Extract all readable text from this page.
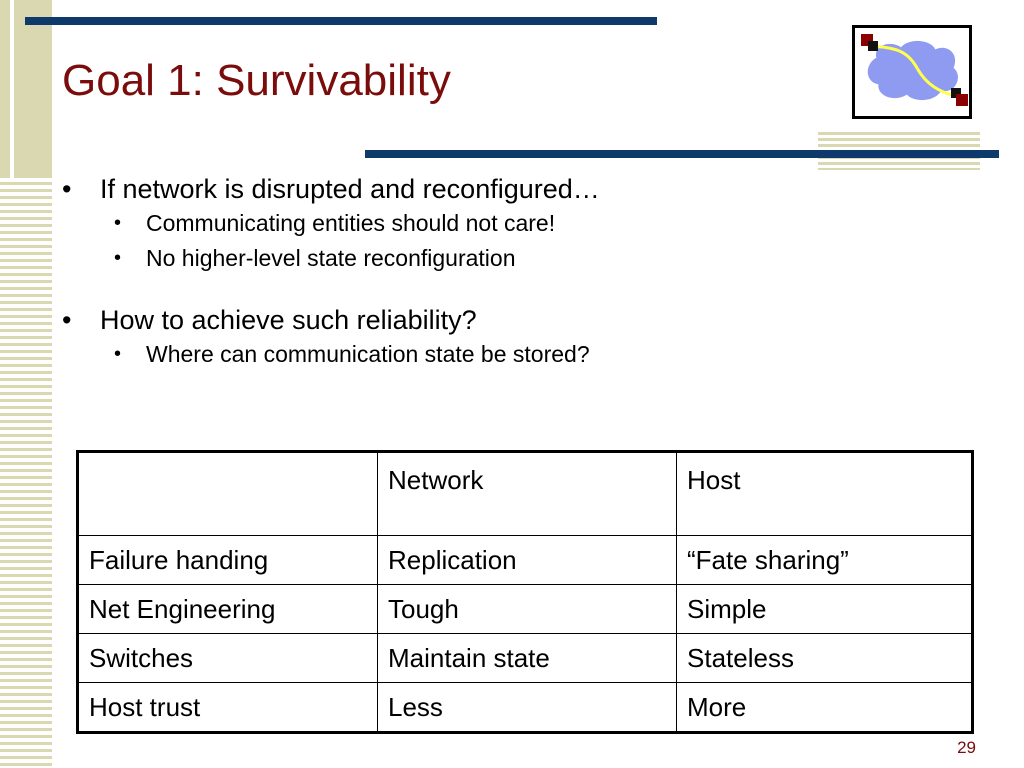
Goal 1: Survivability
• If network is disrupted and reconfigured…
• Communicating entities should not care!
• No higher-level state reconfiguration
• How to achieve such reliability?
• Where can communication state be stored?
	Network	Host
Failure handing	Replication	“Fate sharing”
Net Engineering	Tough	Simple
Switches	Maintain state	Stateless
Host trust	Less	More
29
